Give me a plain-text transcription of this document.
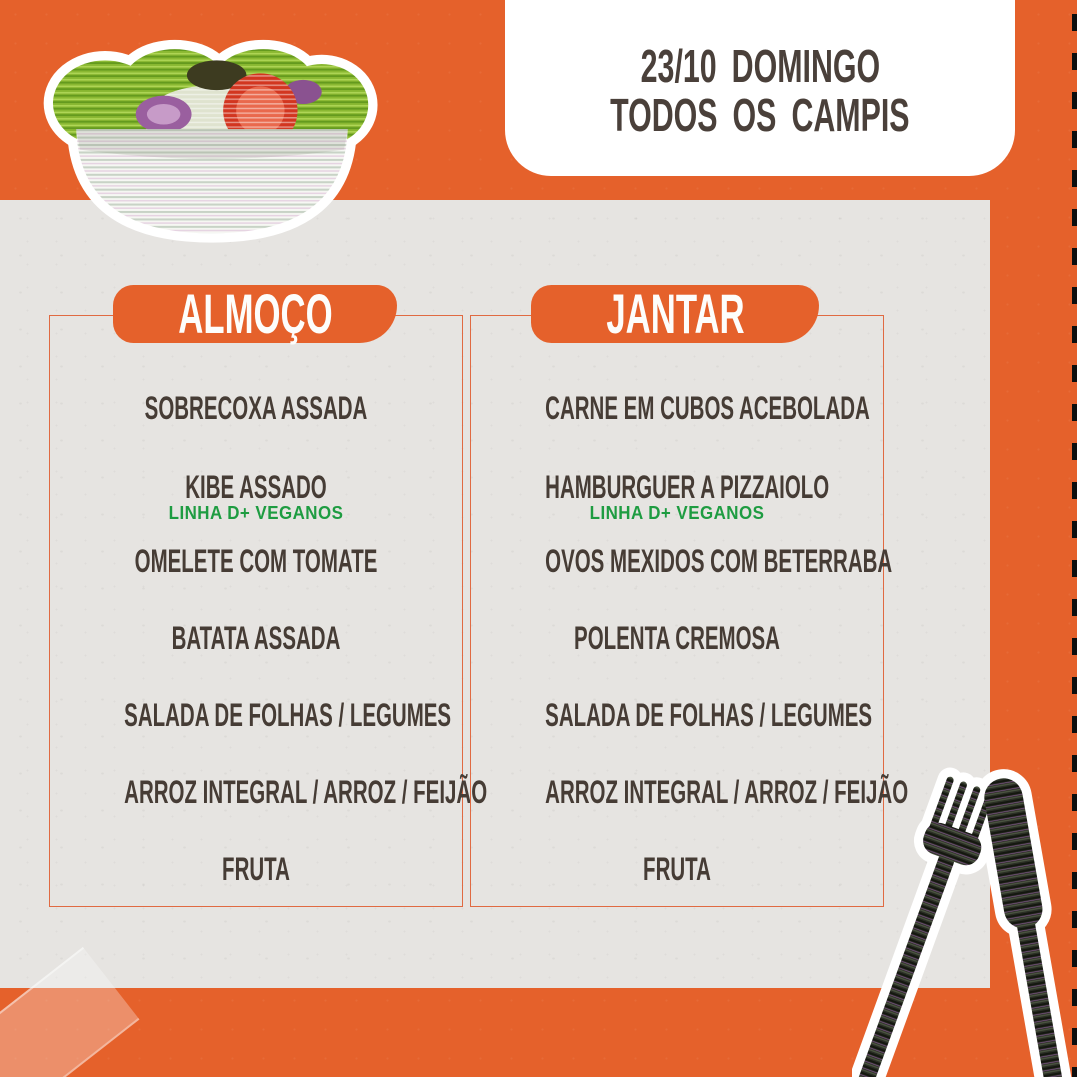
23/10 DOMINGO
TODOS OS CAMPIS
SOBRECOXA ASSADA
KIBE ASSADO
LINHA D+ VEGANOS
OMELETE COM TOMATE
BATATA ASSADA
SALADA DE FOLHAS / LEGUMES
ARROZ INTEGRAL / ARROZ / FEIJÃO
FRUTA
CARNE EM CUBOS ACEBOLADA
HAMBURGUER A PIZZAIOLO
LINHA D+ VEGANOS
OVOS MEXIDOS COM BETERRABA
POLENTA CREMOSA
SALADA DE FOLHAS / LEGUMES
ARROZ INTEGRAL / ARROZ / FEIJÃO
FRUTA
ALMOÇO	JANTAR
